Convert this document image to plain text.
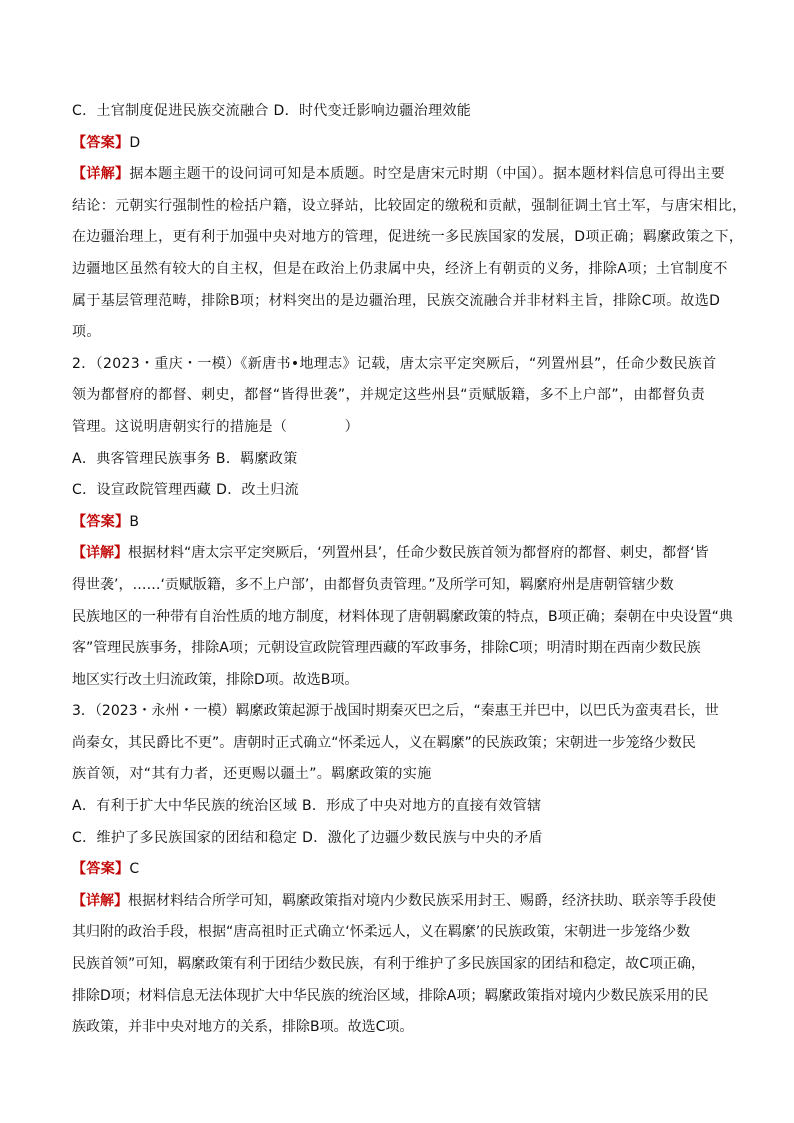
C．土官制度促进民族交流融合 D．时代变迁影响边疆治理效能
【答案】D
【详解】据本题主题干的设问词可知是本质题。时空是唐宋元时期（中国）。据本题材料信息可得出主要
结论：元朝实行强制性的检括户籍，设立驿站，比较固定的缴税和贡献，强制征调土官土军，与唐宋相比，
在边疆治理上，更有利于加强中央对地方的管理，促进统一多民族国家的发展，D项正确；羁縻政策之下，
边疆地区虽然有较大的自主权，但是在政治上仍隶属中央，经济上有朝贡的义务，排除A项；土官制度不
属于基层管理范畴，排除B项；材料突出的是边疆治理，民族交流融合并非材料主旨，排除C项。故选D
项。
2．（2023・重庆・一模）《新唐书•地理志》记载，唐太宗平定突厥后，“列置州县”，任命少数民族首
领为都督府的都督、刺史，都督“皆得世袭”，并规定这些州县“贡赋版籍，多不上户部”，由都督负责
管理。这说明唐朝实行的措施是（　　　　）
A．典客管理民族事务 B．羁縻政策
C．设宣政院管理西藏 D．改土归流
【答案】B
【详解】根据材料“唐太宗平定突厥后，‘列置州县’，任命少数民族首领为都督府的都督、刺史，都督‘皆
得世袭’，……‘贡赋版籍，多不上户部’，由都督负责管理。”及所学可知，羁縻府州是唐朝管辖少数
民族地区的一种带有自治性质的地方制度，材料体现了唐朝羁縻政策的特点，B项正确；秦朝在中央设置“典
客”管理民族事务，排除A项；元朝设宣政院管理西藏的军政事务，排除C项；明清时期在西南少数民族
地区实行改土归流政策，排除D项。故选B项。
3．（2023・永州・一模）羁縻政策起源于战国时期秦灭巴之后，“秦惠王并巴中，以巴氏为蛮夷君长，世
尚秦女，其民爵比不更”。唐朝时正式确立“怀柔远人，义在羁縻”的民族政策；宋朝进一步笼络少数民
族首领，对“其有力者，还更赐以疆土”。羁縻政策的实施
A．有利于扩大中华民族的统治区域 B．形成了中央对地方的直接有效管辖
C．维护了多民族国家的团结和稳定 D．激化了边疆少数民族与中央的矛盾
【答案】C
【详解】根据材料结合所学可知，羁縻政策指对境内少数民族采用封王、赐爵，经济扶助、联亲等手段使
其归附的政治手段，根据“唐高祖时正式确立‘怀柔远人，义在羁縻’的民族政策，宋朝进一步笼络少数
民族首领”可知，羁縻政策有利于团结少数民族，有利于维护了多民族国家的团结和稳定，故C项正确，
排除D项；材料信息无法体现扩大中华民族的统治区域，排除A项；羁縻政策指对境内少数民族采用的民
族政策，并非中央对地方的关系，排除B项。故选C项。
